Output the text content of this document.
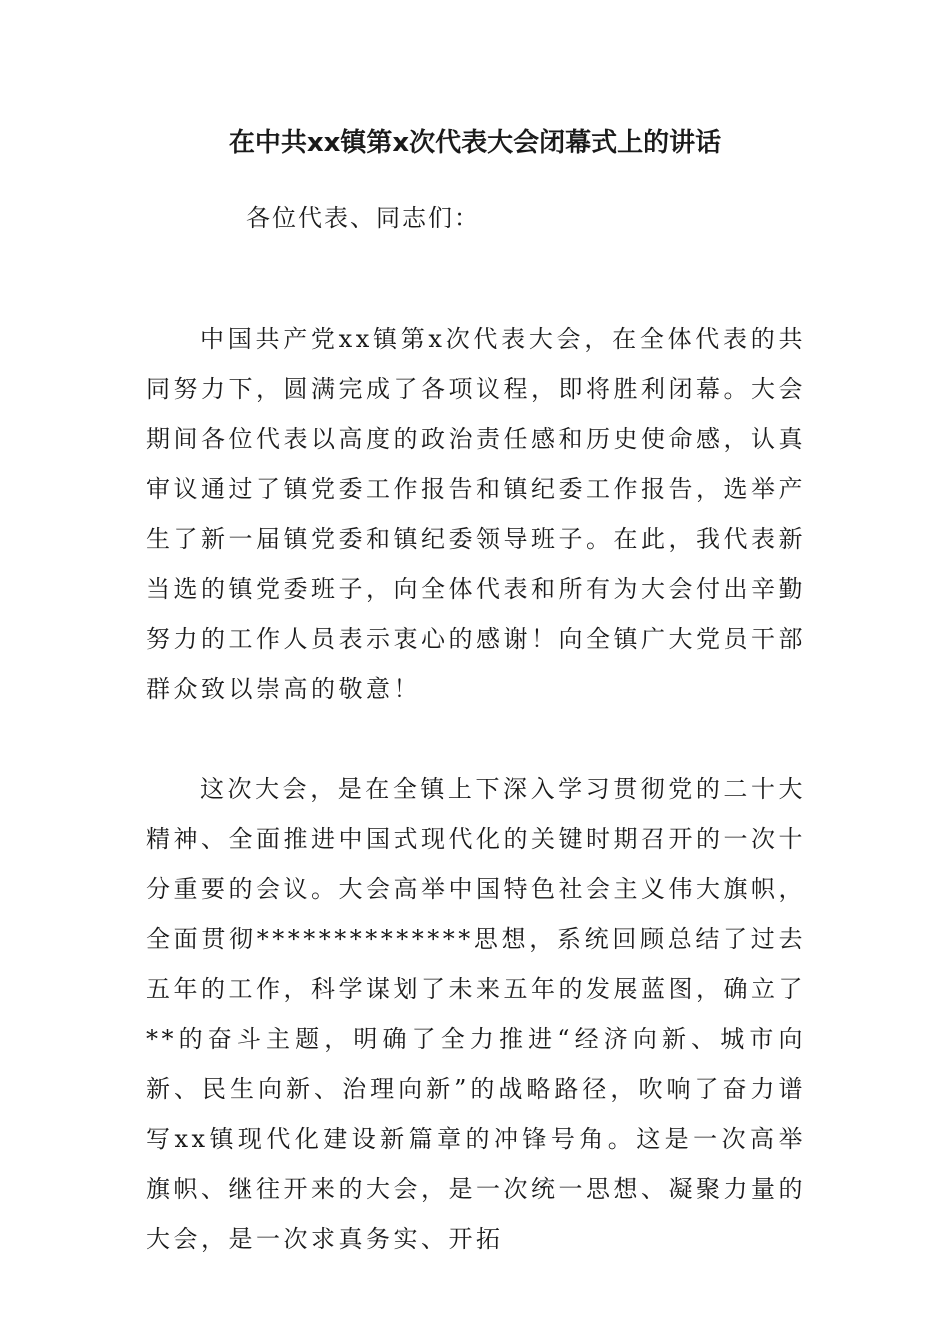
在中共xx镇第x次代表大会闭幕式上的讲话

各位代表、同志们：

中国共产党xx镇第x次代表大会，在全体代表的共同努力下，圆满完成了各项议程，即将胜利闭幕。大会期间各位代表以高度的政治责任感和历史使命感，认真审议通过了镇党委工作报告和镇纪委工作报告，选举产生了新一届镇党委和镇纪委领导班子。在此，我代表新当选的镇党委班子，向全体代表和所有为大会付出辛勤努力的工作人员表示衷心的感谢！向全镇广大党员干部群众致以崇高的敬意！

这次大会，是在全镇上下深入学习贯彻党的二十大精神、全面推进中国式现代化的关键时期召开的一次十分重要的会议。大会高举中国特色社会主义伟大旗帜，全面贯彻**************思想，系统回顾总结了过去五年的工作，科学谋划了未来五年的发展蓝图，确立了**的奋斗主题，明确了全力推进“经济向新、城市向新、民生向新、治理向新”的战略路径，吹响了奋力谱写xx镇现代化建设新篇章的冲锋号角。这是一次高举旗帜、继往开来的大会，是一次统一思想、凝聚力量的大会，是一次求真务实、开拓
